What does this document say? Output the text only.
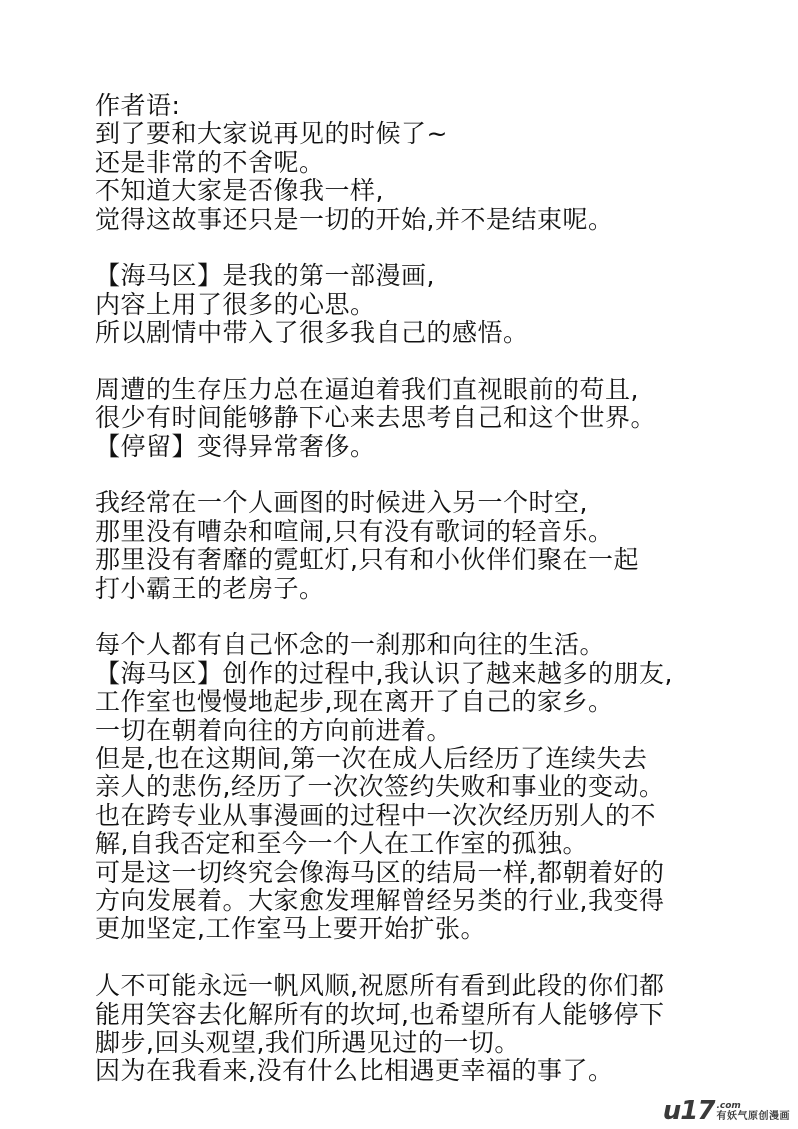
作者语:
到了要和大家说再见的时候了~
还是非常的不舍呢。
不知道大家是否像我一样,
觉得这故事还只是一切的开始,并不是结束呢。
【海马区】是我的第一部漫画,
内容上用了很多的心思。
所以剧情中带入了很多我自己的感悟。
周遭的生存压力总在逼迫着我们直视眼前的苟且,
很少有时间能够静下心来去思考自己和这个世界。
【停留】变得异常奢侈。
我经常在一个人画图的时候进入另一个时空,
那里没有嘈杂和喧闹,只有没有歌词的轻音乐。
那里没有奢靡的霓虹灯,只有和小伙伴们聚在一起
打小霸王的老房子。
每个人都有自己怀念的一刹那和向往的生活。
【海马区】创作的过程中,我认识了越来越多的朋友,
工作室也慢慢地起步,现在离开了自己的家乡。
一切在朝着向往的方向前进着。
但是,也在这期间,第一次在成人后经历了连续失去
亲人的悲伤,经历了一次次签约失败和事业的变动。
也在跨专业从事漫画的过程中一次次经历别人的不
解,自我否定和至今一个人在工作室的孤独。
可是这一切终究会像海马区的结局一样,都朝着好的
方向发展着。大家愈发理解曾经另类的行业,我变得
更加坚定,工作室马上要开始扩张。
人不可能永远一帆风顺,祝愿所有看到此段的你们都
能用笑容去化解所有的坎坷,也希望所有人能够停下
脚步,回头观望,我们所遇见过的一切。
因为在我看来,没有什么比相遇更幸福的事了。
u17 .com
有妖气原创漫画
